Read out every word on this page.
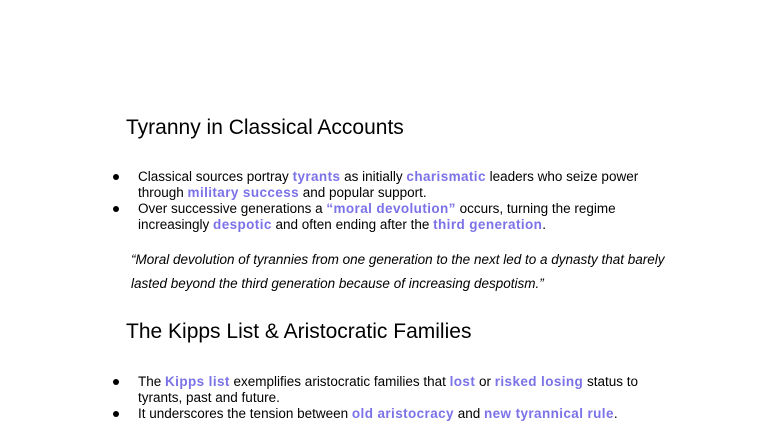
Tyranny in Classical Accounts
Classical sources portray tyrants as initially charismatic leaders who seize power through military success and popular support.
Over successive generations a “moral devolution” occurs, turning the regime increasingly despotic and often ending after the third generation.

“Moral devolution of tyrannies from one generation to the next led to a dynasty that barely lasted beyond the third generation because of increasing despotism.”

The Kipps List & Aristocratic Families
The Kipps list exemplifies aristocratic families that lost or risked losing status to tyrants, past and future.
It underscores the tension between old aristocracy and new tyrannical rule.
